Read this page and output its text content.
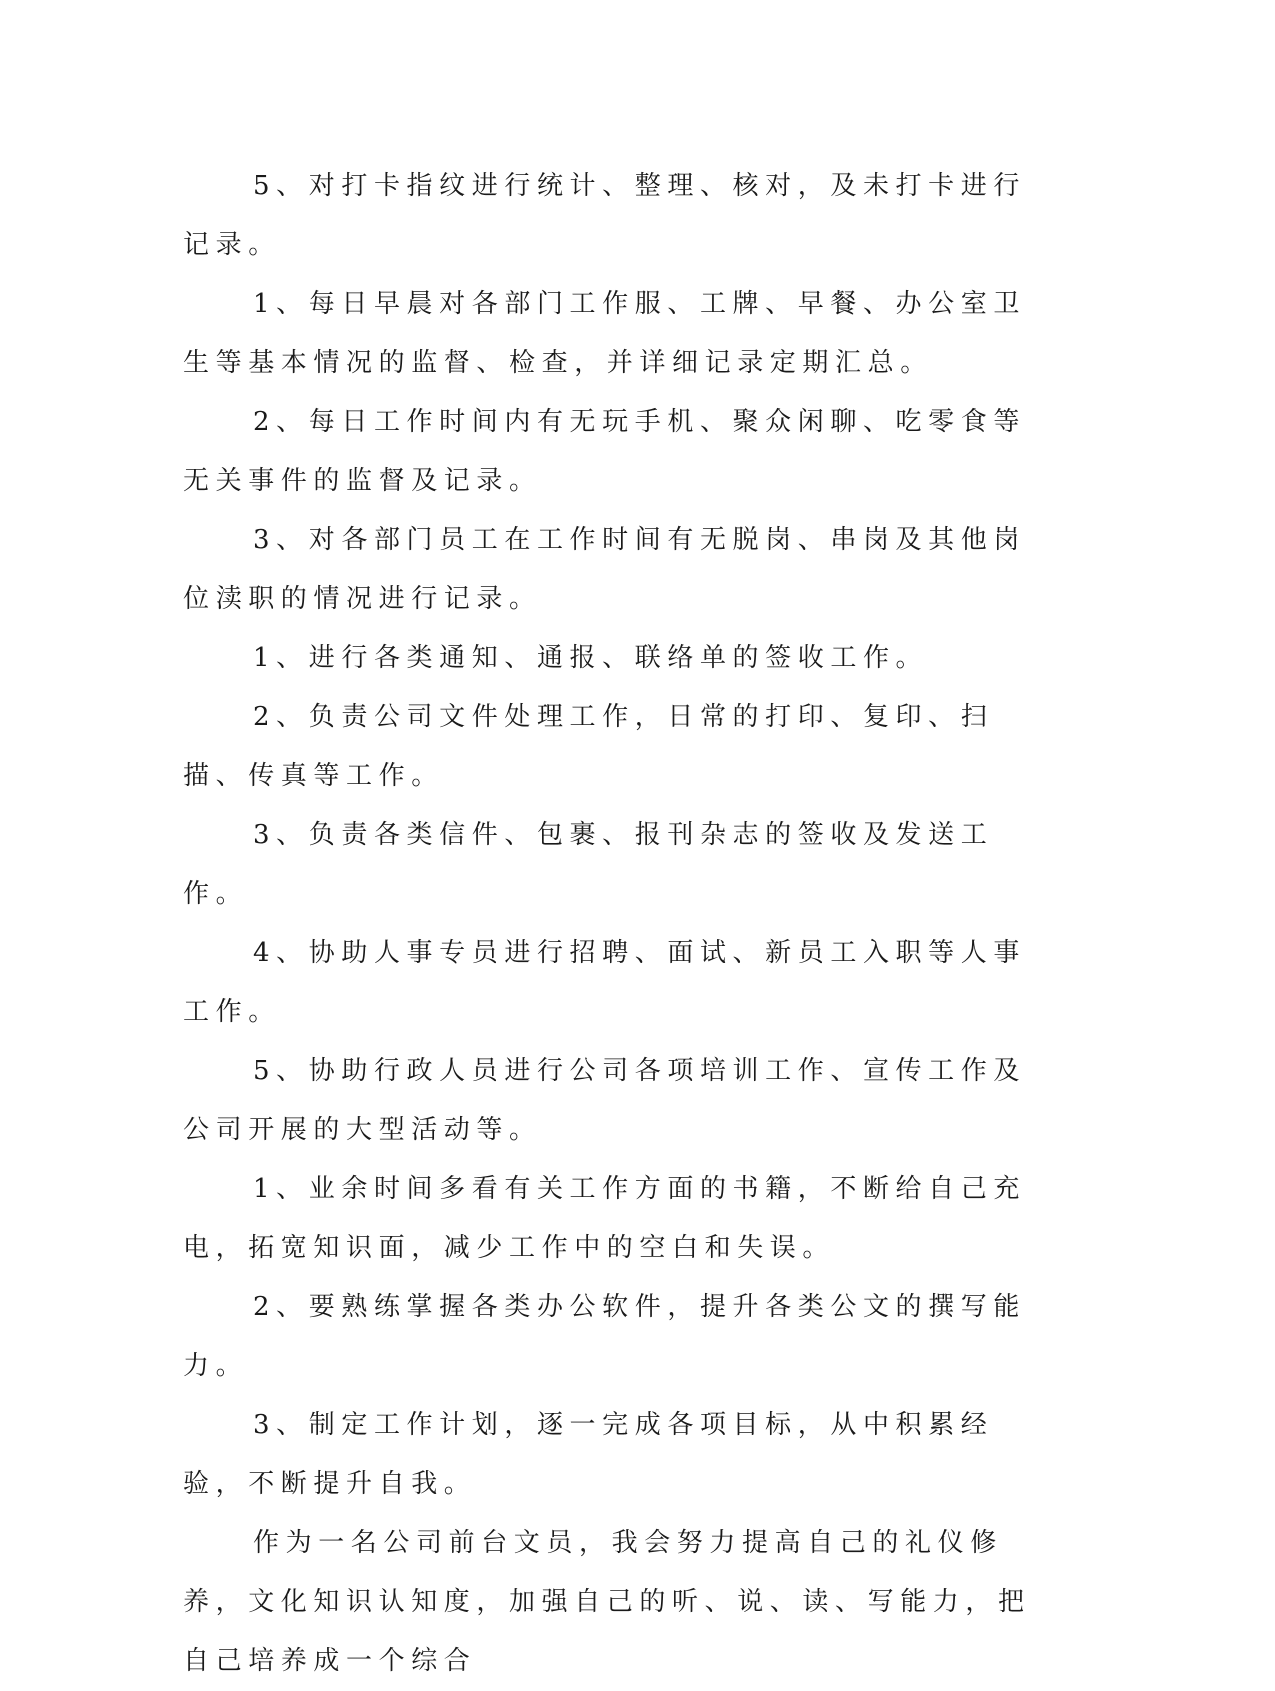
5、对打卡指纹进行统计、整理、核对，及未打卡进行记录。

1、每日早晨对各部门工作服、工牌、早餐、办公室卫生等基本情况的监督、检查，并详细记录定期汇总。

2、每日工作时间内有无玩手机、聚众闲聊、吃零食等无关事件的监督及记录。

3、对各部门员工在工作时间有无脱岗、串岗及其他岗位渎职的情况进行记录。

1、进行各类通知、通报、联络单的签收工作。

2、负责公司文件处理工作，日常的打印、复印、扫描、传真等工作。

3、负责各类信件、包裹、报刊杂志的签收及发送工作。

4、协助人事专员进行招聘、面试、新员工入职等人事工作。

5、协助行政人员进行公司各项培训工作、宣传工作及公司开展的大型活动等。

1、业余时间多看有关工作方面的书籍，不断给自己充电，拓宽知识面，减少工作中的空白和失误。

2、要熟练掌握各类办公软件，提升各类公文的撰写能力。

3、制定工作计划，逐一完成各项目标，从中积累经验，不断提升自我。

作为一名公司前台文员，我会努力提高自己的礼仪修养，文化知识认知度，加强自己的听、说、读、写能力，把自己培养成一个综合
